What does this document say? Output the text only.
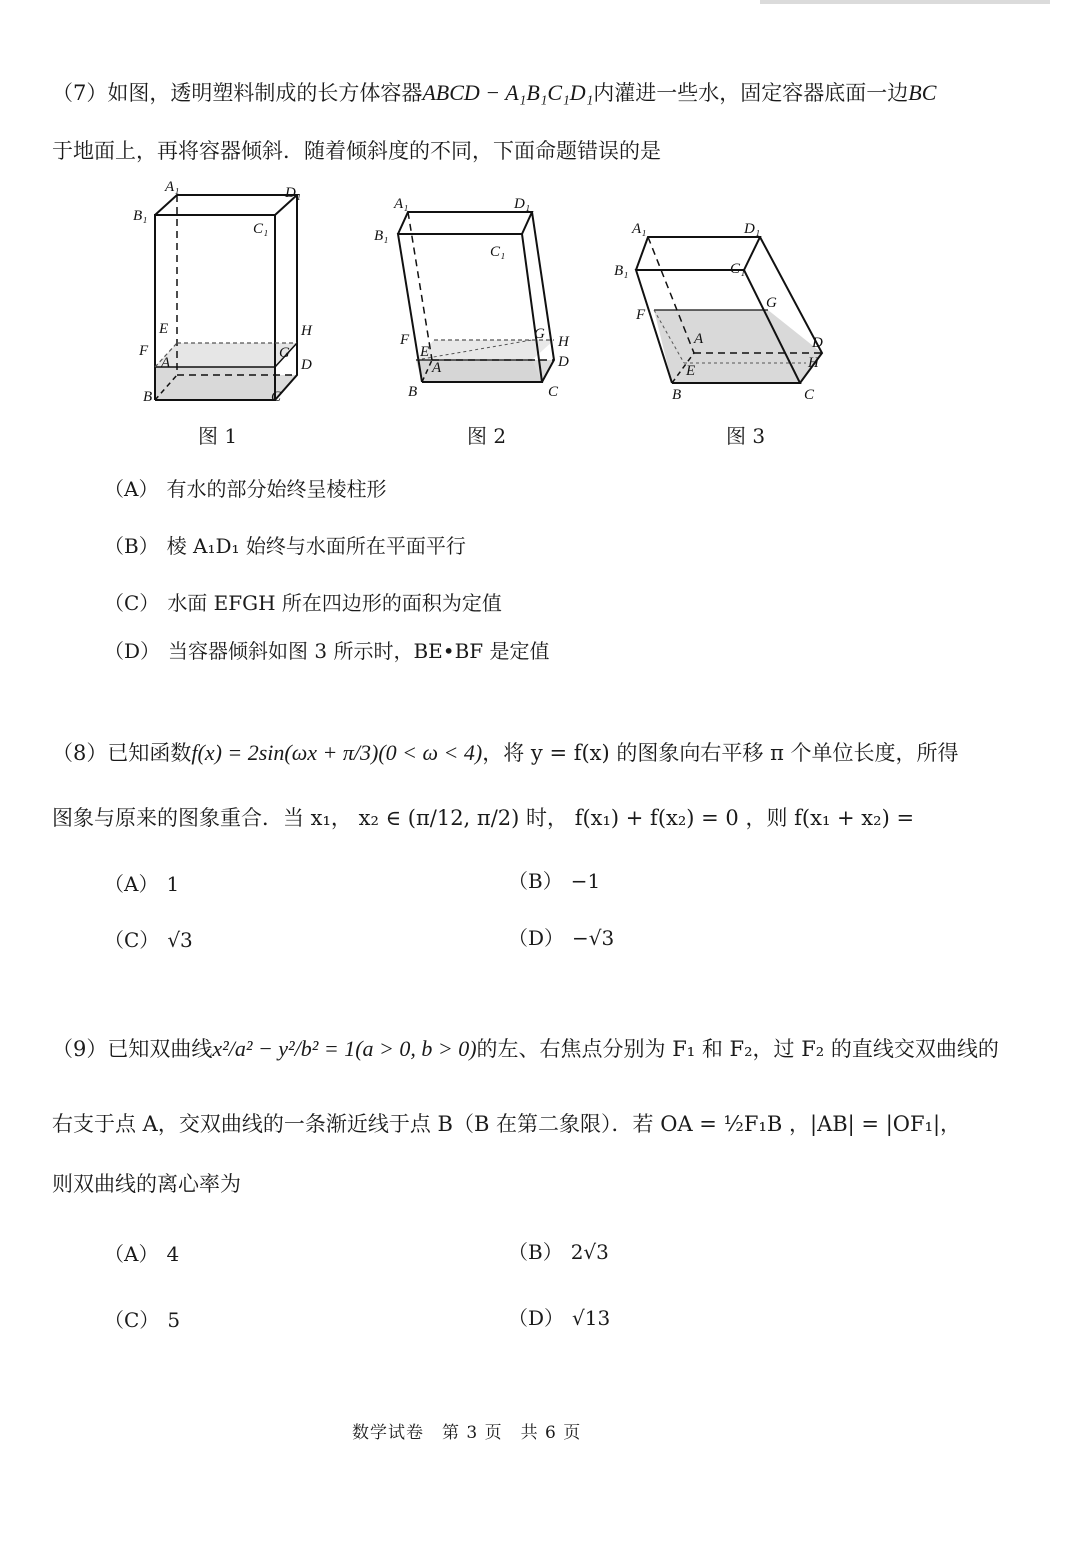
（7）如图，透明塑料制成的长方体容器ABCD − A₁B₁C₁D₁内灌进一些水，固定容器底面一边BC
于地面上，再将容器倾斜．随着倾斜度的不同，下面命题错误的是
A₁	D₁
B₁
C₁
E	H
F	G
A	D
B	C
图 1
A₁	D₁
B₁
C₁
F
E
G H
A	D
B	C
图 2
A₁	D₁
B₁	C₁
F
G
A	D
E	H
B	C
图 3
（A） 有水的部分始终呈棱柱形
（B） 棱 A₁D₁ 始终与水面所在平面平行
（C） 水面 EFGH 所在四边形的面积为定值
（D） 当容器倾斜如图 3 所示时，BE•BF 是定值
（8）已知函数f(x) = 2sin(ωx + π/3)(0 < ω < 4)，将 y = f(x) 的图象向右平移 π 个单位长度，所得
图象与原来的图象重合．当 x₁， x₂ ∈ (π/12, π/2) 时， f(x₁) + f(x₂) = 0 ，则 f(x₁ + x₂) =
（A） 1	（B） −1
（C） √3	（D） −√3
（9）已知双曲线x²/a² − y²/b² = 1(a > 0, b > 0)的左、右焦点分别为 F₁ 和 F₂，过 F₂ 的直线交双曲线的
右支于点 A，交双曲线的一条渐近线于点 B（B 在第二象限）．若 OA = ½F₁B ，|AB| = |OF₁|，
则双曲线的离心率为
（A） 4	（B） 2√3
（C） 5	（D） √13
数学试卷　第 3 页　共 6 页
